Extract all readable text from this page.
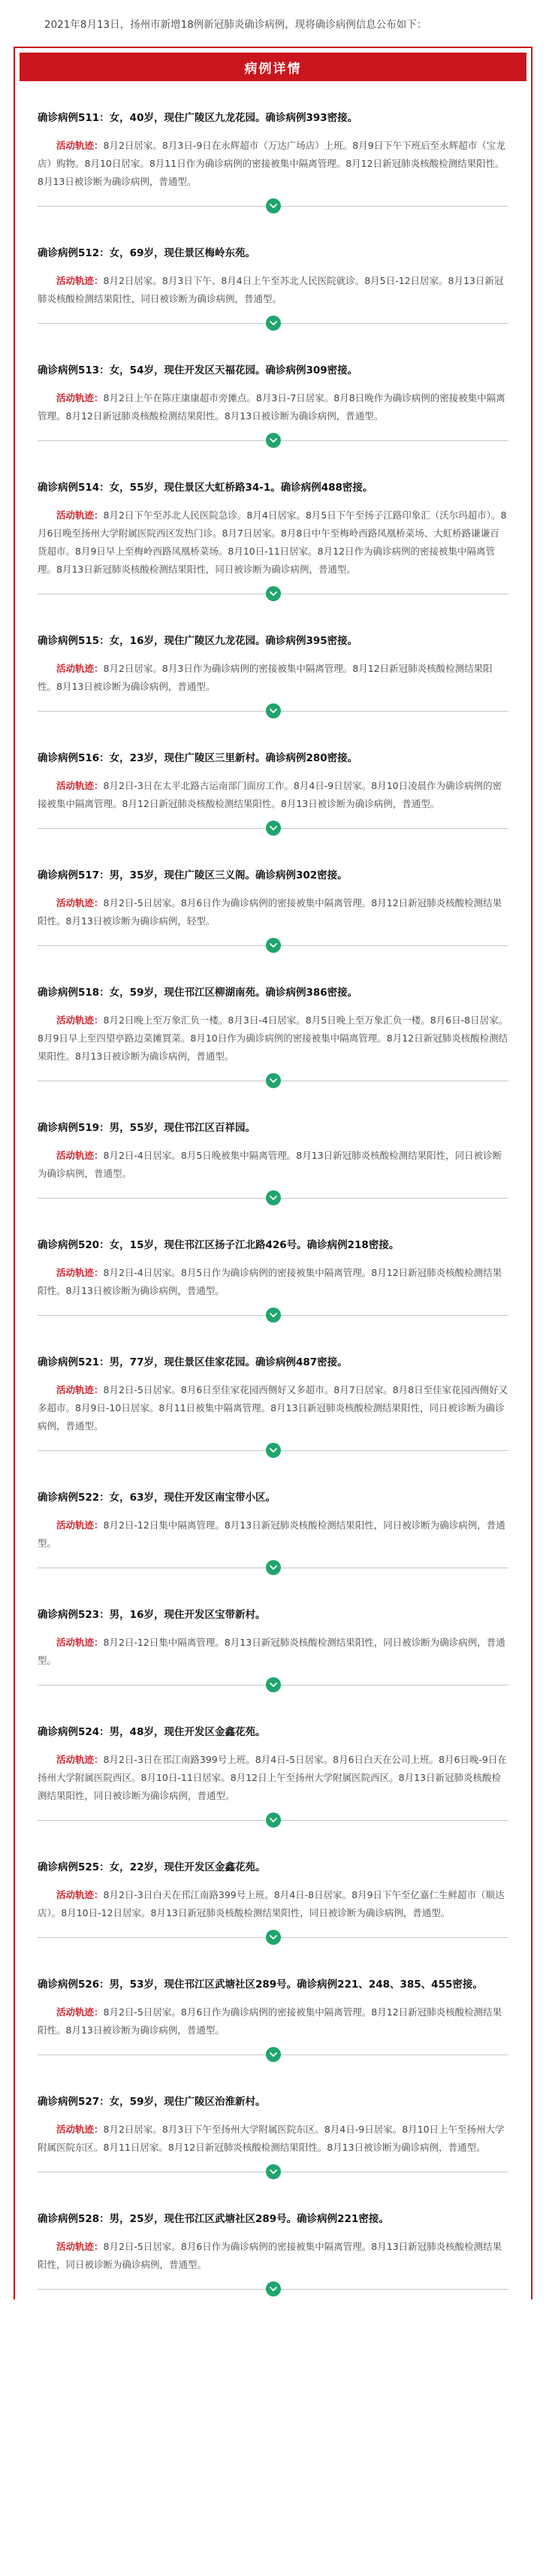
2021年8月13日，扬州市新增18例新冠肺炎确诊病例，现将确诊病例信息公布如下：
病例详情
确诊病例511：女，40岁，现住广陵区九龙花园。确诊病例393密接。
活动轨迹：8月2日居家。8月3日-9日在永辉超市（万达广场店）上班。8月9日下午下班后至永辉超市（宝龙店）购物。8月10日居家。8月11日作为确诊病例的密接被集中隔离管理。8月12日新冠肺炎核酸检测结果阳性。8月13日被诊断为确诊病例，普通型。
确诊病例512：女，69岁，现住景区梅岭东苑。
活动轨迹：8月2日居家。8月3日下午、8月4日上午至苏北人民医院就诊。8月5日-12日居家。8月13日新冠肺炎核酸检测结果阳性，同日被诊断为确诊病例，普通型。
确诊病例513：女，54岁，现住开发区天福花园。确诊病例309密接。
活动轨迹：8月2日上午在陈庄康康超市旁摊点。8月3日-7日居家。8月8日晚作为确诊病例的密接被集中隔离管理。8月12日新冠肺炎核酸检测结果阳性。8月13日被诊断为确诊病例，普通型。
确诊病例514：女，55岁，现住景区大虹桥路34-1。确诊病例488密接。
活动轨迹：8月2日下午至苏北人民医院急诊。8月4日居家。8月5日下午至扬子江路印象汇（沃尔玛超市）。8月6日晚至扬州大学附属医院西区发热门诊。8月7日居家。8月8日中午至梅岭西路凤凰桥菜场、大虹桥路谦谦百货超市。8月9日早上至梅岭西路凤凰桥菜场。8月10日-11日居家。8月12日作为确诊病例的密接被集中隔离管理。8月13日新冠肺炎核酸检测结果阳性，同日被诊断为确诊病例，普通型。
确诊病例515：女，16岁，现住广陵区九龙花园。确诊病例395密接。
活动轨迹：8月2日居家。8月3日作为确诊病例的密接被集中隔离管理。8月12日新冠肺炎核酸检测结果阳性。8月13日被诊断为确诊病例，普通型。
确诊病例516：女，23岁，现住广陵区三里新村。确诊病例280密接。
活动轨迹：8月2日-3日在太平北路古运南部门面房工作。8月4日-9日居家。8月10日凌晨作为确诊病例的密接被集中隔离管理。8月12日新冠肺炎核酸检测结果阳性。8月13日被诊断为确诊病例，普通型。
确诊病例517：男，35岁，现住广陵区三义阁。确诊病例302密接。
活动轨迹：8月2日-5日居家。8月6日作为确诊病例的密接被集中隔离管理。8月12日新冠肺炎核酸检测结果阳性。8月13日被诊断为确诊病例，轻型。
确诊病例518：女，59岁，现住邗江区柳湖南苑。确诊病例386密接。
活动轨迹：8月2日晚上至万象汇负一楼。8月3日-4日居家。8月5日晚上至万象汇负一楼。8月6日-8日居家。8月9日早上至四望亭路边菜摊買菜。8月10日作为确诊病例的密接被集中隔离管理。8月12日新冠肺炎核酸检测结果阳性。8月13日被诊断为确诊病例，普通型。
确诊病例519：男，55岁，现住邗江区百祥园。
活动轨迹：8月2日-4日居家。8月5日晚被集中隔离管理。8月13日新冠肺炎核酸检测结果阳性，同日被诊断为确诊病例，普通型。
确诊病例520：女，15岁，现住邗江区扬子江北路426号。确诊病例218密接。
活动轨迹：8月2日-4日居家。8月5日作为确诊病例的密接被集中隔离管理。8月12日新冠肺炎核酸检测结果阳性。8月13日被诊断为确诊病例，普通型。
确诊病例521：男，77岁，现住景区佳家花园。确诊病例487密接。
活动轨迹：8月2日-5日居家。8月6日至佳家花园西侧好又多超市。8月7日居家。8月8日至佳家花园西侧好又多超市。8月9日-10日居家。8月11日被集中隔离管理。8月13日新冠肺炎核酸检测结果阳性，同日被诊断为确诊病例，普通型。
确诊病例522：女，63岁，现住开发区南宝带小区。
活动轨迹：8月2日-12日集中隔离管理。8月13日新冠肺炎核酸检测结果阳性，同日被诊断为确诊病例，普通型。
确诊病例523：男，16岁，现住开发区宝带新村。
活动轨迹：8月2日-12日集中隔离管理。8月13日新冠肺炎核酸检测结果阳性，同日被诊断为确诊病例，普通型。
确诊病例524：男，48岁，现住开发区金鑫花苑。
活动轨迹：8月2日-3日在邗江南路399号上班。8月4日-5日居家。8月6日白天在公司上班。8月6日晚-9日在扬州大学附属医院西区。8月10日-11日居家。8月12日上午至扬州大学附属医院西区。8月13日新冠肺炎核酸检测结果阳性，同日被诊断为确诊病例，普通型。
确诊病例525：女，22岁，现住开发区金鑫花苑。
活动轨迹：8月2日-3日白天在邗江南路399号上班。8月4日-8日居家。8月9日下午至亿嘉仁生鲜超市（顺达店）。8月10日-12日居家。8月13日新冠肺炎核酸检测结果阳性，同日被诊断为确诊病例，普通型。
确诊病例526：男，53岁，现住邗江区武塘社区289号。确诊病例221、248、385、455密接。
活动轨迹：8月2日-5日居家。8月6日作为确诊病例的密接被集中隔离管理。8月12日新冠肺炎核酸检测结果阳性。8月13日被诊断为确诊病例，普通型。
确诊病例527：女，59岁，现住广陵区治淮新村。
活动轨迹：8月2日居家。8月3日下午至扬州大学附属医院东区。8月4日-9日居家。8月10日上午至扬州大学附属医院东区。8月11日居家。8月12日新冠肺炎核酸检测结果阳性。8月13日被诊断为确诊病例，普通型。
确诊病例528：男，25岁，现住邗江区武塘社区289号。确诊病例221密接。
活动轨迹：8月2日-5日居家。8月6日作为确诊病例的密接被集中隔离管理。8月13日新冠肺炎核酸检测结果阳性，同日被诊断为确诊病例，普通型。
